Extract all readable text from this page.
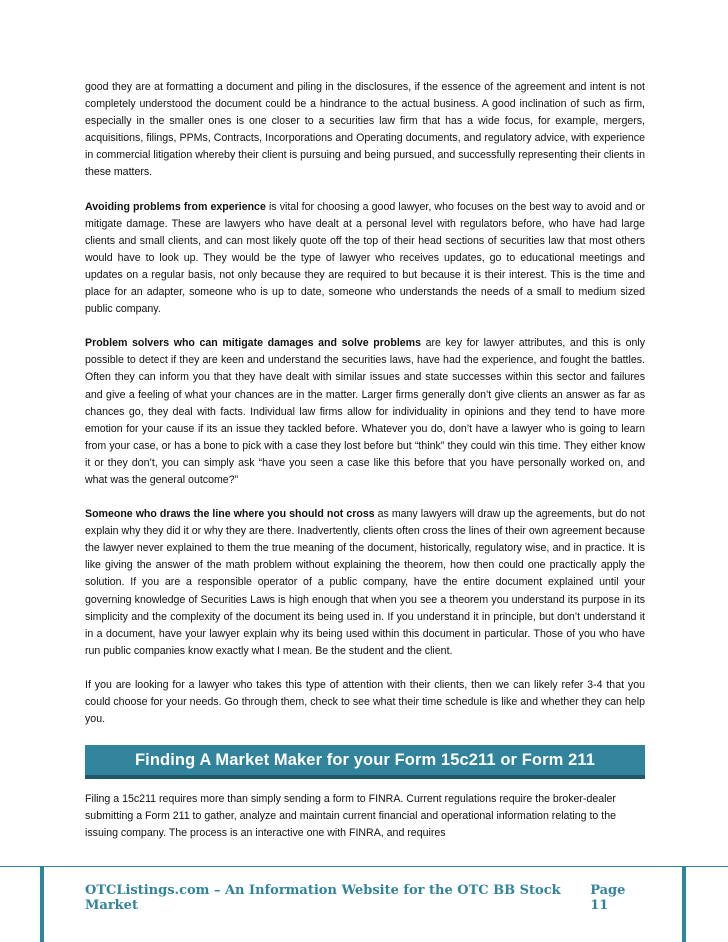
good they are at formatting a document and piling in the disclosures, if the essence of the agreement and intent is not completely understood the document could be a hindrance to the actual business. A good inclination of such as firm, especially in the smaller ones is one closer to a securities law firm that has a wide focus, for example, mergers, acquisitions, filings, PPMs, Contracts, Incorporations and Operating documents, and regulatory advice, with experience in commercial litigation whereby their client is pursuing and being pursued, and successfully representing their clients in these matters.

Avoiding problems from experience is vital for choosing a good lawyer, who focuses on the best way to avoid and or mitigate damage. These are lawyers who have dealt at a personal level with regulators before, who have had large clients and small clients, and can most likely quote off the top of their head sections of securities law that most others would have to look up. They would be the type of lawyer who receives updates, go to educational meetings and updates on a regular basis, not only because they are required to but because it is their interest. This is the time and place for an adapter, someone who is up to date, someone who understands the needs of a small to medium sized public company.

Problem solvers who can mitigate damages and solve problems are key for lawyer attributes, and this is only possible to detect if they are keen and understand the securities laws, have had the experience, and fought the battles. Often they can inform you that they have dealt with similar issues and state successes within this sector and failures and give a feeling of what your chances are in the matter. Larger firms generally don’t give clients an answer as far as chances go, they deal with facts. Individual law firms allow for individuality in opinions and they tend to have more emotion for your cause if its an issue they tackled before. Whatever you do, don’t have a lawyer who is going to learn from your case, or has a bone to pick with a case they lost before but “think” they could win this time. They either know it or they don’t, you can simply ask “have you seen a case like this before that you have personally worked on, and what was the general outcome?”

Someone who draws the line where you should not cross as many lawyers will draw up the agreements, but do not explain why they did it or why they are there. Inadvertently, clients often cross the lines of their own agreement because the lawyer never explained to them the true meaning of the document, historically, regulatory wise, and in practice. It is like giving the answer of the math problem without explaining the theorem, how then could one practically apply the solution. If you are a responsible operator of a public company, have the entire document explained until your governing knowledge of Securities Laws is high enough that when you see a theorem you understand its purpose in its simplicity and the complexity of the document its being used in. If you understand it in principle, but don’t understand it in a document, have your lawyer explain why its being used within this document in particular. Those of you who have run public companies know exactly what I mean. Be the student and the client.

If you are looking for a lawyer who takes this type of attention with their clients, then we can likely refer 3-4 that you could choose for your needs. Go through them, check to see what their time schedule is like and whether they can help you.

Finding A Market Maker for your Form 15c211 or Form 211

Filing a 15c211 requires more than simply sending a form to FINRA. Current regulations require the broker-dealer submitting a Form 211 to gather, analyze and maintain current financial and operational information relating to the issuing company. The process is an interactive one with FINRA, and requires

OTCListings.com – An Information Website for the OTC BB Stock Market
Page 11
